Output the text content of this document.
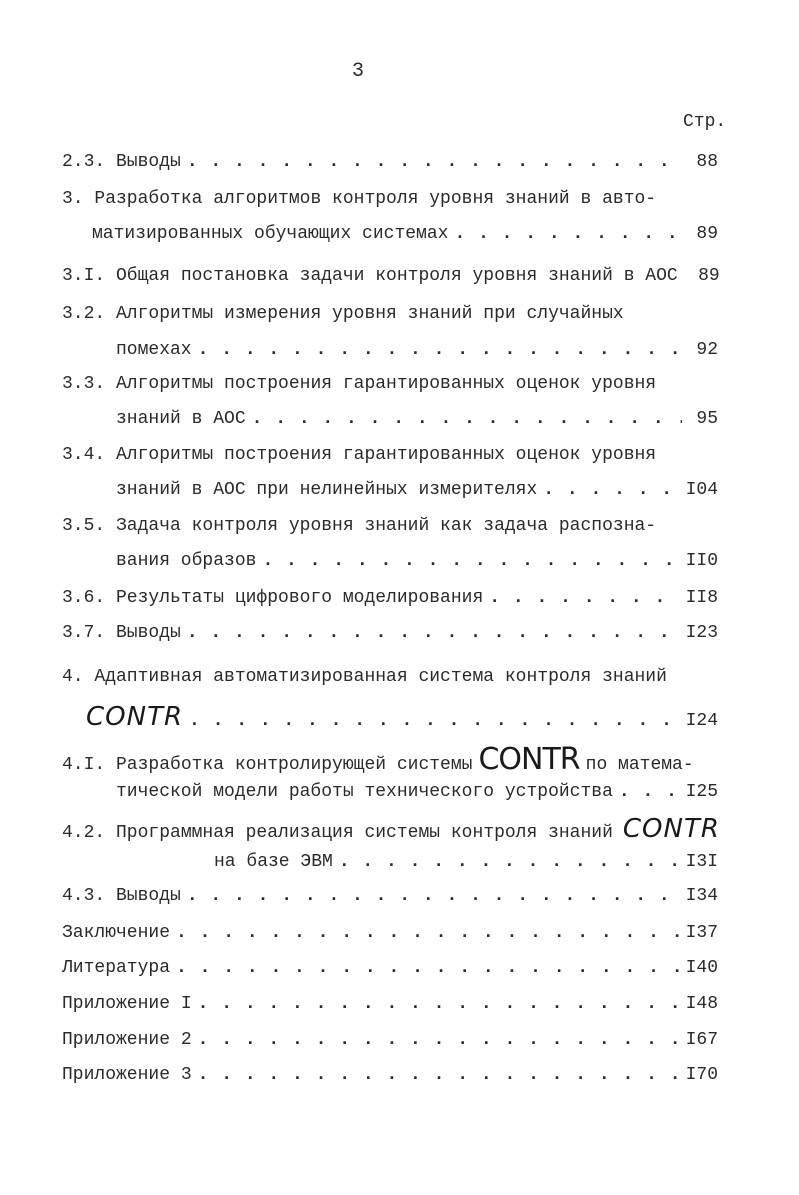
3
Стр.
2.3. Выводы . . .	88
3. Разработка алгоритмов контроля уровня знаний в авто-
матизированных обучающих системах . . .	89
3.I. Общая постановка задачи контроля уровня знаний в АОС	89
3.2. Алгоритмы измерения уровня знаний при случайных
помехах . . .	92
3.3. Алгоритмы построения гарантированных оценок уровня
знаний в АОС . . .	95
3.4. Алгоритмы построения гарантированных оценок уровня
знаний в АОС при нелинейных измерителях . . .	I04
3.5. Задача контроля уровня знаний как задача распозна-
вания образов . . .	II0
3.6. Результаты цифрового моделирования . . .	II8
3.7. Выводы . . .	I23
4. Адаптивная автоматизированная система контроля знаний
CONTR . . .	I24
4.I. Разработка контролирующей системы CONTR по матема-
тической модели работы технического устройства . . .	I25
4.2. Программная реализация системы контроля знаний CONTR
на базе ЭВМ . . .	I3I
4.3. Выводы . . .	I34
Заключение . . .	I37
Литература . . .	I40
Приложение I . . .	I48
Приложение 2 . . .	I67
Приложение 3 . . .	I70
